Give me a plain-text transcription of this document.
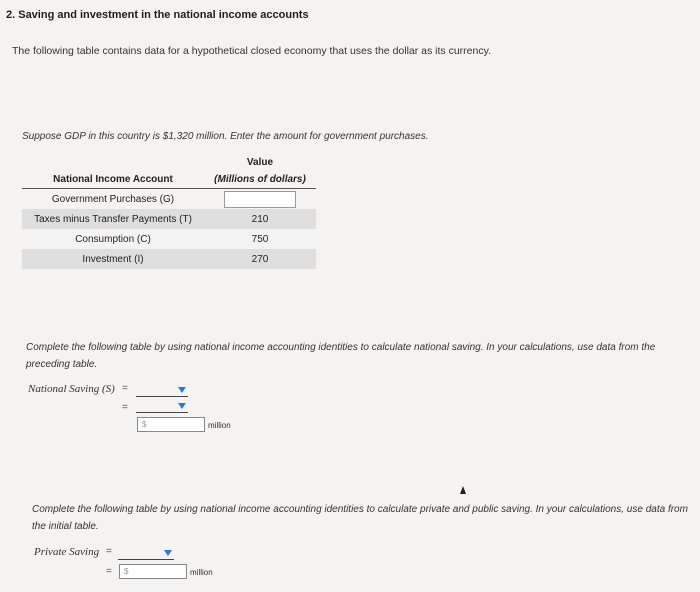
2. Saving and investment in the national income accounts
The following table contains data for a hypothetical closed economy that uses the dollar as its currency.
Suppose GDP in this country is $1,320 million. Enter the amount for government purchases.
	Value
National Income Account	(Millions of dollars)
Government Purchases (G)	
Taxes minus Transfer Payments (T)	210
Consumption (C)	750
Investment (I)	270
Complete the following table by using national income accounting identities to calculate national saving. In your calculations, use data from the preceding table.
National Saving (S) =
=
$	million
Complete the following table by using national income accounting identities to calculate private and public saving. In your calculations, use data from the initial table.
Private Saving =
=	$	million
